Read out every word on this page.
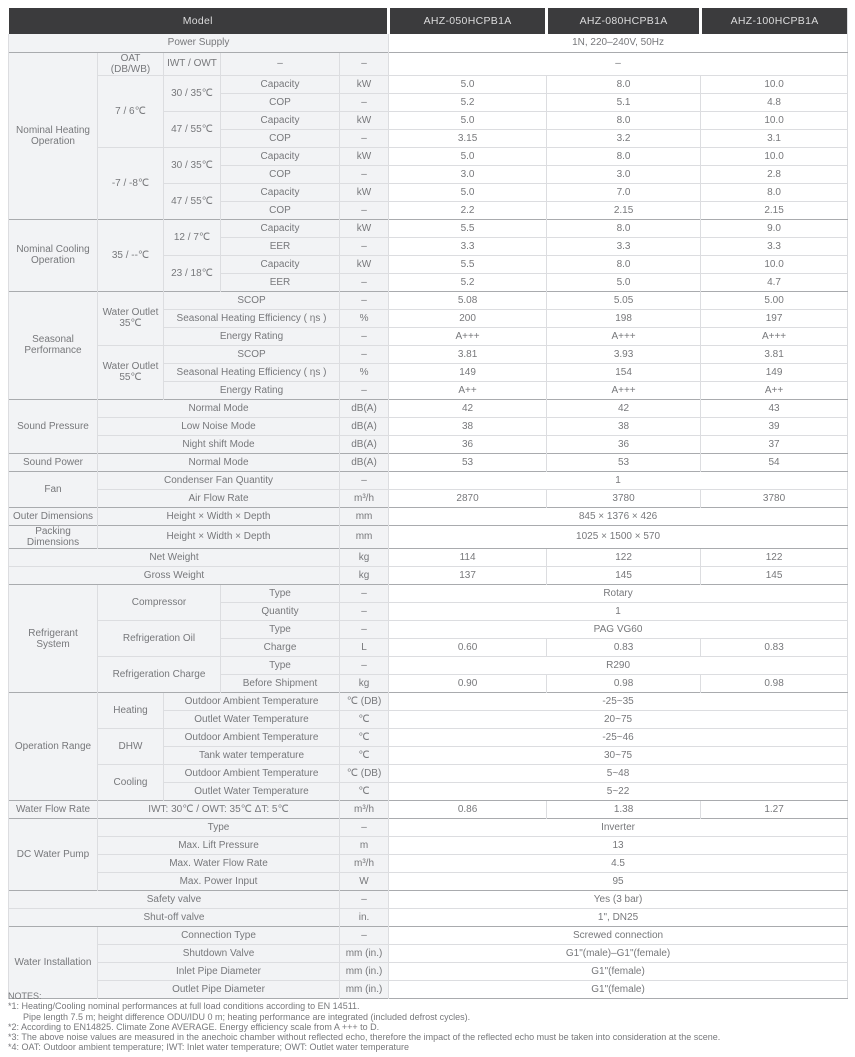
Model					AHZ-050HCPB1A	AHZ-080HCPB1A	AHZ-100HCPB1A
Power Supply					1N, 220–240V, 50Hz		
Nominal Heating Operation	OAT (DB/WB)	IWT / OWT	–	–	–		
	7 / 6℃	30 / 35℃	Capacity	kW	5.0	8.0	10.0
			COP	–	5.2	5.1	4.8
		47 / 55℃	Capacity	kW	5.0	8.0	10.0
			COP	–	3.15	3.2	3.1
	-7 / -8℃	30 / 35℃	Capacity	kW	5.0	8.0	10.0
			COP	–	3.0	3.0	2.8
		47 / 55℃	Capacity	kW	5.0	7.0	8.0
			COP	–	2.2	2.15	2.15
Nominal Cooling Operation	35 / --℃	12 / 7℃	Capacity	kW	5.5	8.0	9.0
			EER	–	3.3	3.3	3.3
		23 / 18℃	Capacity	kW	5.5	8.0	10.0
			EER	–	5.2	5.0	4.7
Seasonal Performance	Water Outlet 35℃	SCOP		–	5.08	5.05	5.00
		Seasonal Heating Efficiency ( ηs )		%	200	198	197
		Energy Rating		–	A+++	A+++	A+++
	Water Outlet 55℃	SCOP		–	3.81	3.93	3.81
		Seasonal Heating Efficiency ( ηs )		%	149	154	149
		Energy Rating		–	A++	A+++	A++
Sound Pressure	Normal Mode			dB(A)	42	42	43
	Low Noise Mode			dB(A)	38	38	39
	Night shift Mode			dB(A)	36	36	37
Sound Power	Normal Mode			dB(A)	53	53	54
Fan	Condenser Fan Quantity			–	1		
	Air Flow Rate			m³/h	2870	3780	3780
Outer Dimensions	Height × Width × Depth			mm	845 × 1376 × 426		
Packing Dimensions	Height × Width × Depth			mm	1025 × 1500 × 570		
Net Weight				kg	114	122	122
Gross Weight				kg	137	145	145
Refrigerant System	Compressor		Type	–	Rotary		
			Quantity	–	1		
	Refrigeration Oil		Type	–	PAG VG60		
			Charge	L	0.60	0.83	0.83
	Refrigeration Charge		Type	–	R290		
			Before Shipment	kg	0.90	0.98	0.98
Operation Range	Heating	Outdoor Ambient Temperature		℃ (DB)	-25~35		
		Outlet Water Temperature		℃	20~75		
	DHW	Outdoor Ambient Temperature		℃	-25~46		
		Tank water temperature		℃	30~75		
	Cooling	Outdoor Ambient Temperature		℃ (DB)	5~48		
		Outlet Water Temperature		℃	5~22		
Water Flow Rate	IWT: 30℃ / OWT: 35℃ ΔT: 5℃			m³/h	0.86	1.38	1.27
DC Water Pump	Type			–	Inverter		
	Max. Lift Pressure			m	13		
	Max. Water Flow Rate			m³/h	4.5		
	Max. Power Input			W	95		
Safety valve				–	Yes (3 bar)		
Shut-off valve				in.	1", DN25		
Water Installation	Connection Type			–	Screwed connection		
	Shutdown Valve			mm (in.)	G1"(male)–G1"(female)		
	Inlet Pipe Diameter			mm (in.)	G1"(female)		
	Outlet Pipe Diameter			mm (in.)	G1"(female)		
NOTES:
*1: Heating/Cooling nominal performances at full load conditions according to EN 14511.
Pipe length 7.5 m; height difference ODU/IDU 0 m; heating performance are integrated (included defrost cycles).
*2: According to EN14825. Climate Zone AVERAGE. Energy efficiency scale from A +++ to D.
*3: The above noise values are measured in the anechoic chamber without reflected echo, therefore the impact of the reflected echo must be taken into consideration at the scene.
*4: OAT: Outdoor ambient temperature; IWT: Inlet water temperature; OWT: Outlet water temperature
